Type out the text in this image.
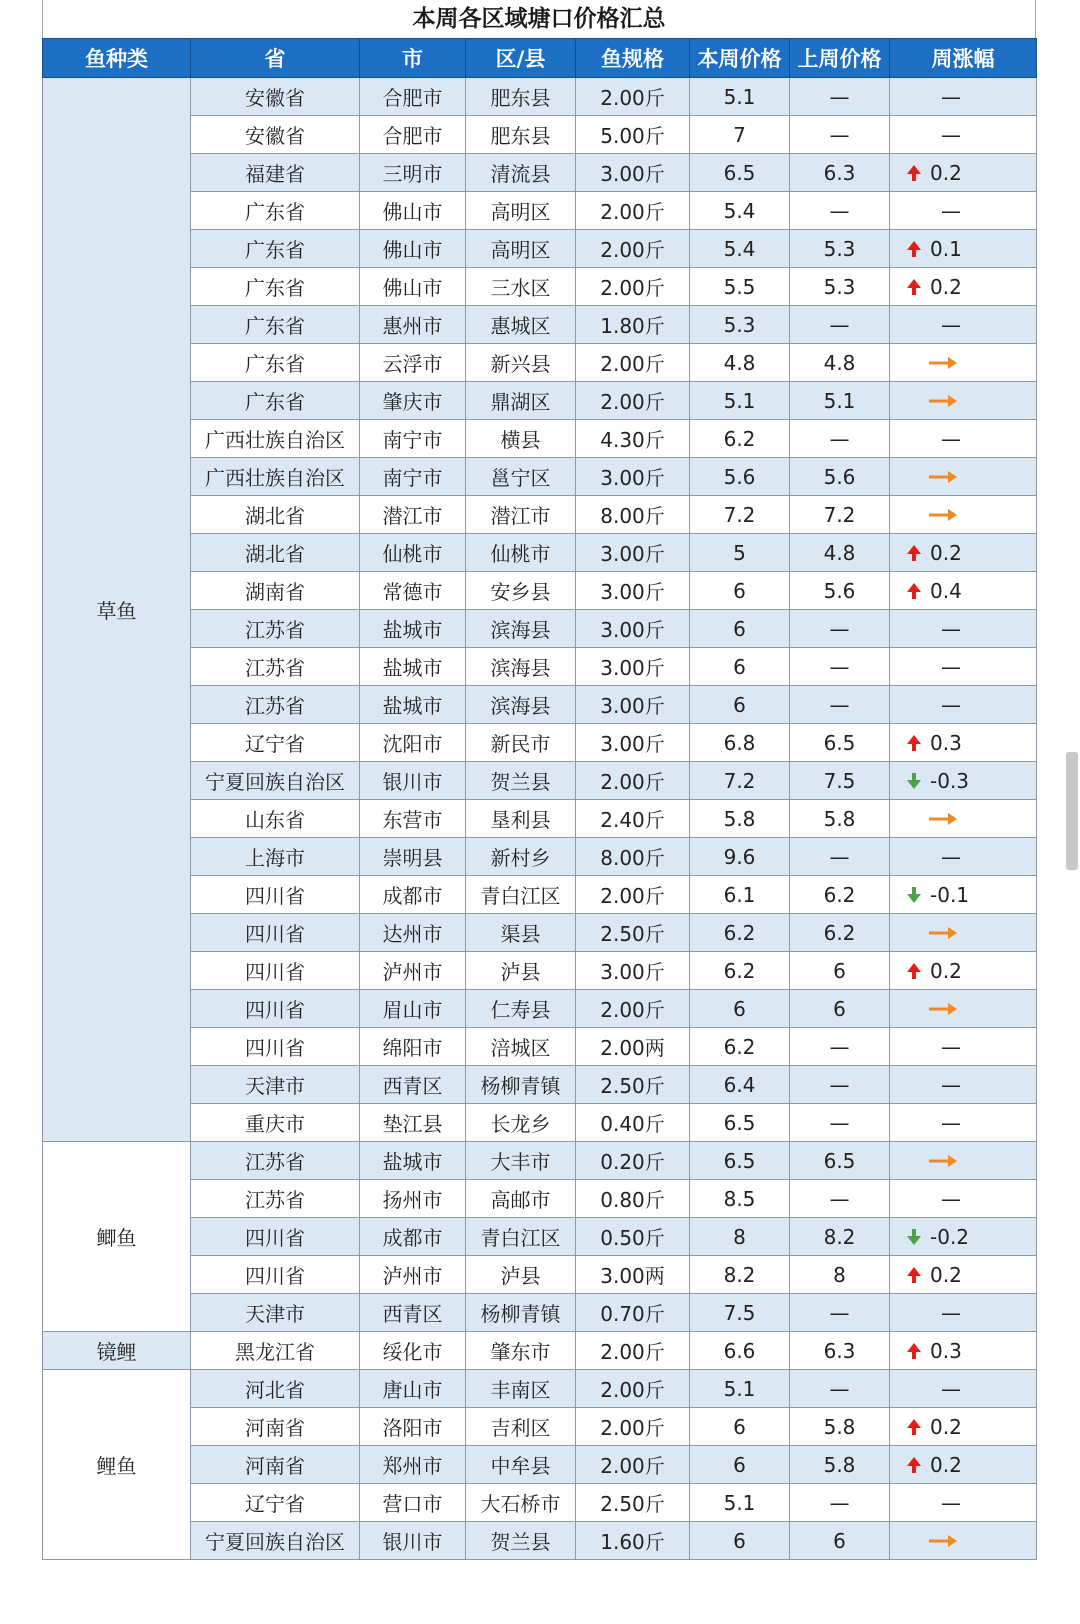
本周各区域塘口价格汇总
鱼种类	省	市	区/县	鱼规格	本周价格	上周价格	周涨幅
草鱼	安徽省	合肥市	肥东县	2.00斤	5.1	—	—
	安徽省	合肥市	肥东县	5.00斤	7	—	—
	福建省	三明市	清流县	3.00斤	6.5	6.3	0.2
	广东省	佛山市	高明区	2.00斤	5.4	—	—
	广东省	佛山市	高明区	2.00斤	5.4	5.3	0.1
	广东省	佛山市	三水区	2.00斤	5.5	5.3	0.2
	广东省	惠州市	惠城区	1.80斤	5.3	—	—
	广东省	云浮市	新兴县	2.00斤	4.8	4.8	
	广东省	肇庆市	鼎湖区	2.00斤	5.1	5.1	
	广西壮族自治区	南宁市	横县	4.30斤	6.2	—	—
	广西壮族自治区	南宁市	邕宁区	3.00斤	5.6	5.6	
	湖北省	潜江市	潜江市	8.00斤	7.2	7.2	
	湖北省	仙桃市	仙桃市	3.00斤	5	4.8	0.2
	湖南省	常德市	安乡县	3.00斤	6	5.6	0.4
	江苏省	盐城市	滨海县	3.00斤	6	—	—
	江苏省	盐城市	滨海县	3.00斤	6	—	—
	江苏省	盐城市	滨海县	3.00斤	6	—	—
	辽宁省	沈阳市	新民市	3.00斤	6.8	6.5	0.3
	宁夏回族自治区	银川市	贺兰县	2.00斤	7.2	7.5	-0.3
	山东省	东营市	垦利县	2.40斤	5.8	5.8	
	上海市	崇明县	新村乡	8.00斤	9.6	—	—
	四川省	成都市	青白江区	2.00斤	6.1	6.2	-0.1
	四川省	达州市	渠县	2.50斤	6.2	6.2	
	四川省	泸州市	泸县	3.00斤	6.2	6	0.2
	四川省	眉山市	仁寿县	2.00斤	6	6	
	四川省	绵阳市	涪城区	2.00两	6.2	—	—
	天津市	西青区	杨柳青镇	2.50斤	6.4	—	—
	重庆市	垫江县	长龙乡	0.40斤	6.5	—	—
鲫鱼	江苏省	盐城市	大丰市	0.20斤	6.5	6.5	
	江苏省	扬州市	高邮市	0.80斤	8.5	—	—
	四川省	成都市	青白江区	0.50斤	8	8.2	-0.2
	四川省	泸州市	泸县	3.00两	8.2	8	0.2
	天津市	西青区	杨柳青镇	0.70斤	7.5	—	—
镜鲤	黑龙江省	绥化市	肇东市	2.00斤	6.6	6.3	0.3
鲤鱼	河北省	唐山市	丰南区	2.00斤	5.1	—	—
	河南省	洛阳市	吉利区	2.00斤	6	5.8	0.2
	河南省	郑州市	中牟县	2.00斤	6	5.8	0.2
	辽宁省	营口市	大石桥市	2.50斤	5.1	—	—
	宁夏回族自治区	银川市	贺兰县	1.60斤	6	6	
